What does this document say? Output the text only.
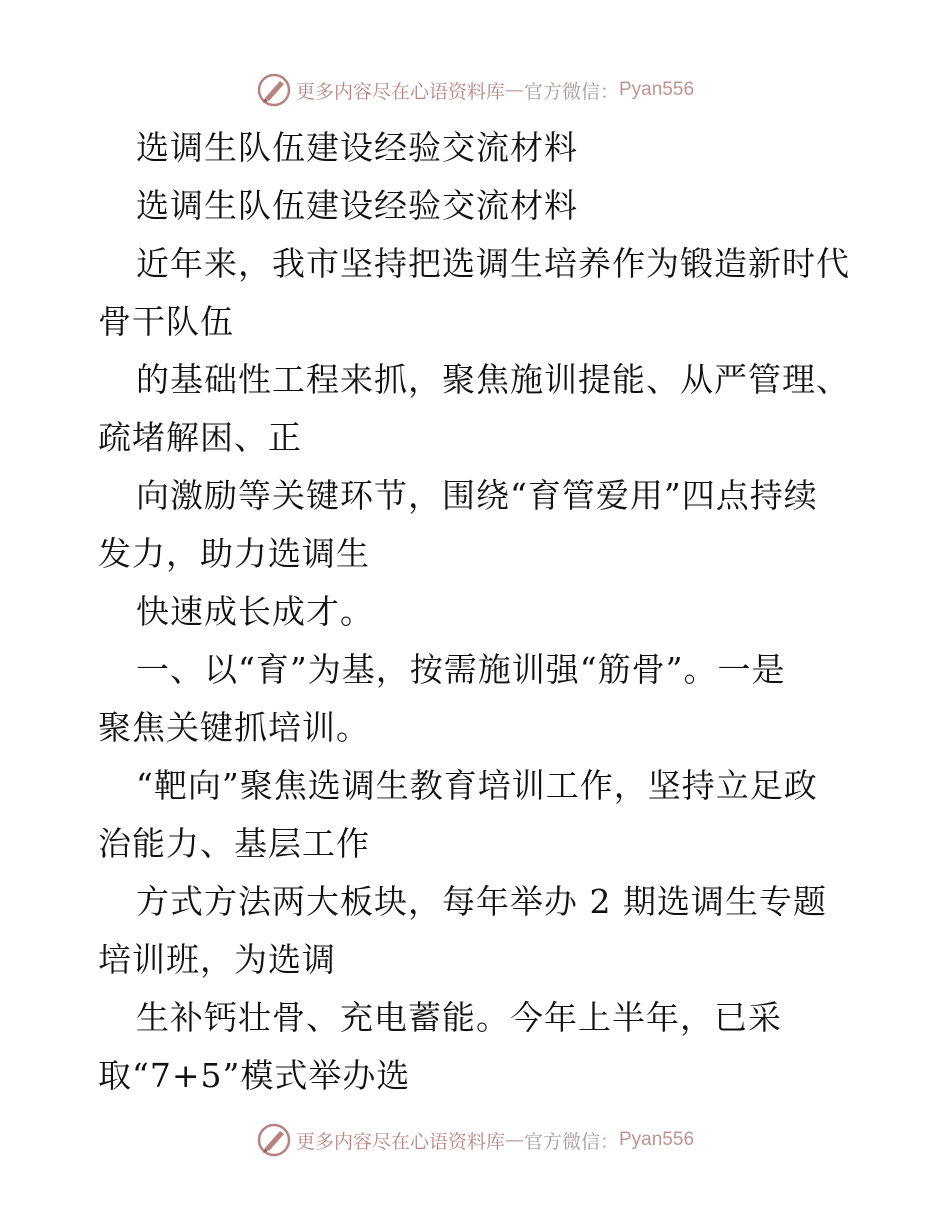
更多内容尽在心语资料库 — 官方微信： Pyan556
选调生队伍建设经验交流材料
选调生队伍建设经验交流材料
近年来，我市坚持把选调生培养作为锻造新时代
骨干队伍
的基础性工程来抓，聚焦施训提能、从严管理、
疏堵解困、正
向激励等关键环节，围绕“育管爱用”四点持续
发力，助力选调生
快速成长成才。
一、以“育”为基，按需施训强“筋骨”。一是
聚焦关键抓培训。
“靶向”聚焦选调生教育培训工作，坚持立足政
治能力、基层工作
方式方法两大板块，每年举办 2 期选调生专题
培训班，为选调
生补钙壮骨、充电蓄能。今年上半年，已采
取“7+5”模式举办选
更多内容尽在心语资料库 — 官方微信： Pyan556
